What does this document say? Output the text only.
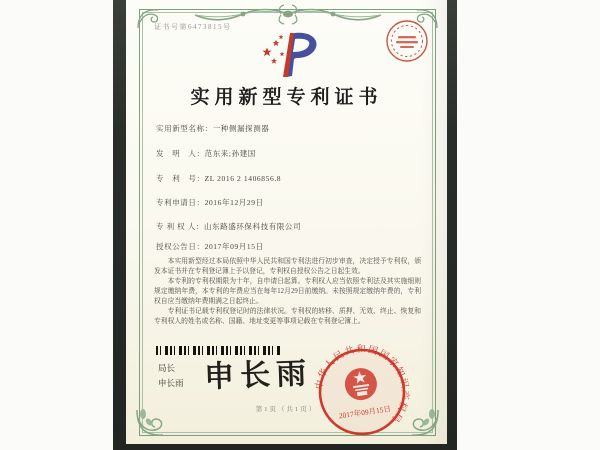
证书号第6473815号
实用新型专利证书
实用新型名称：一种侧漏探测器
发　明　人：范东来;孙建国
专　利　号：ZL 2016 2 1406856.8
专利申请日：2016年12月29日
专 利 权 人：山东路盛环保科技有限公司
授权公告日：2017年09月15日

本实用新型经过本局依照中华人民共和国专利法进行初步审查，决定授予专利权，颁发本证书并在专利登记簿上予以登记，专利权自授权公告之日起生效。

本专利的专利权期限为十年，自申请日起算。专利权人应当依照专利法及其实施细则规定缴纳年费，本专利的年费应当在每年12月29日前缴纳。未按照规定缴纳年费的，专利权自应当缴纳年费期满之日起终止。

专利证书记载专利权登记时的法律状况。专利权的转移、质押、无效、终止、恢复和专利权人的姓名或名称、国籍、地址变更等事项记载在专利登记簿上。

局长
申长雨 申长雨 中华人民共和国国家知识产权局
2017年09月15日
第1页（共1页）
